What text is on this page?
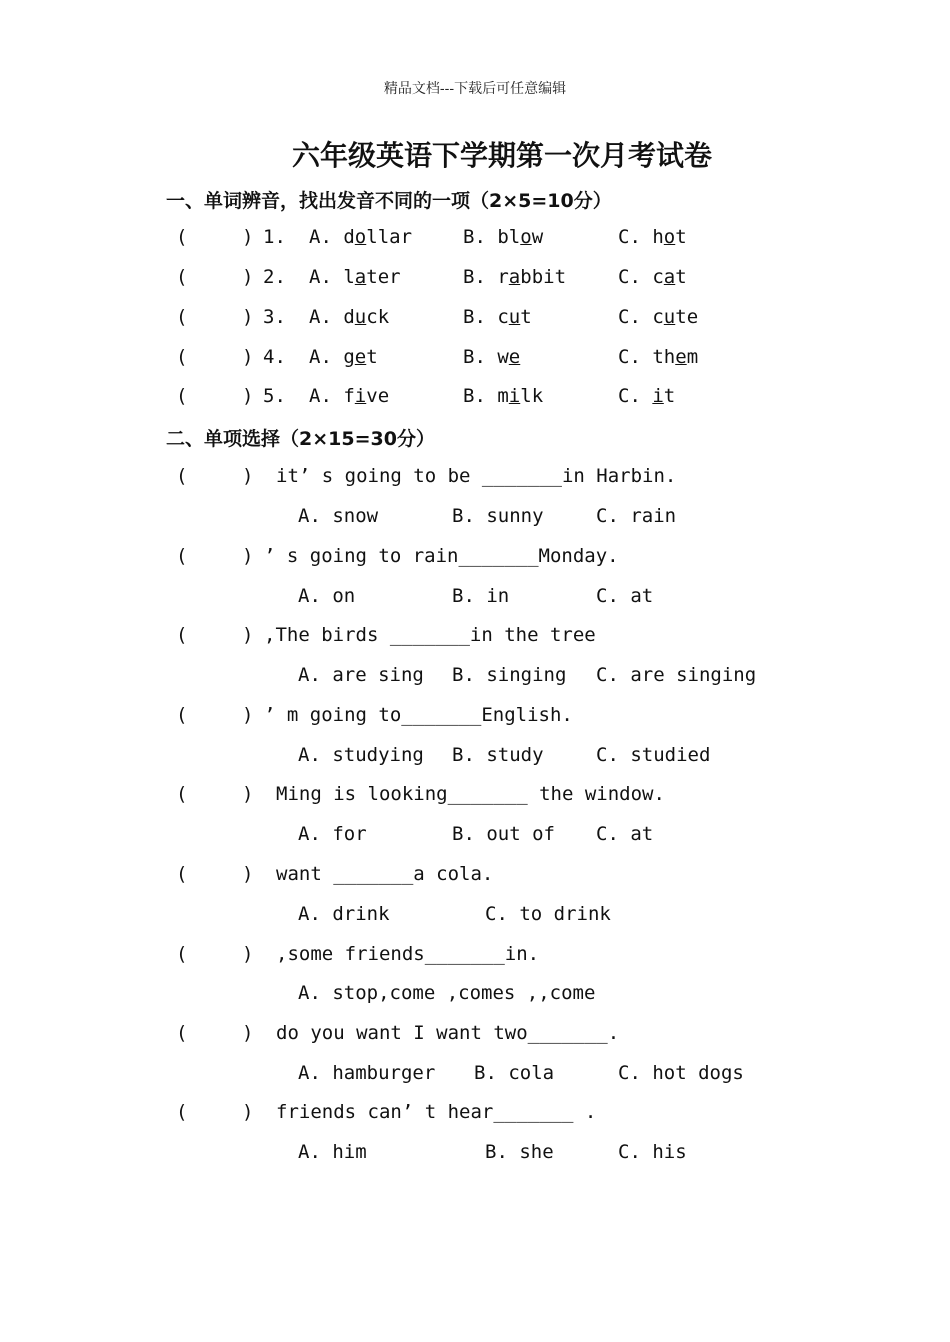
精品文档---下载后可任意编辑
六年级英语下学期第一次月考试卷
一、单词辨音，找出发音不同的一项（2×5=10分）
(	) 1. A. dollar	B. blow	C. hot
(	) 2. A. later	B. rabbit	C. cat
(	) 3. A. duck	B. cut	C. cute
(	) 4. A. get	B. we	C. them
(	) 5. A. five	B. milk	C. it
二、单项选择（2×15=30分）
(	) it’ s going to be _______in Harbin.
A. snow	B. sunny	C. rain
(	) ’ s going to rain_______Monday.
A. on	B. in	C. at
(	) ,The birds _______in the tree
A. are sing B. singing C. are singing
(	) ’ m going to_______English.
A. studying B. study	C. studied
(	) Ming is looking_______ the window.
A. for	B. out of C. at
(	) want _______a cola.
A. drink	C. to drink
(	) ,some friends_______in.
A. stop,come ,comes ,,come
(	) do you want I want two_______.
A. hamburger B. cola	C. hot dogs
(	) friends can’ t hear_______ .
A. him	B. she	C. his
